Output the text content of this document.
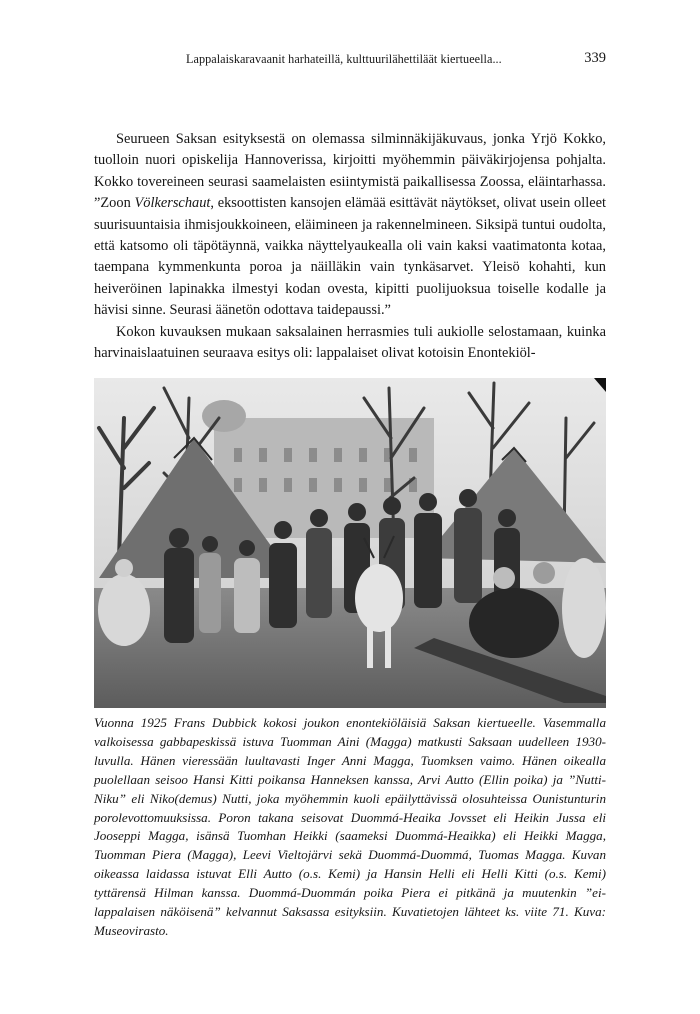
Lappalaiskaravaanit harhateillä, kulttuurilähettiläät kiertueella...	339

Seurueen Saksan esityksestä on olemassa silminnäkijäkuvaus, jonka Yrjö Kokko, tuolloin nuori opiskelija Hannoverissa, kirjoitti myöhemmin päiväkirjojensa pohjalta. Kokko tovereineen seurasi saamelaisten esiintymistä paikallisessa Zoossa, eläintarhassa. ”Zoon Völkerschaut, eksoottisten kansojen elämää esittävät näytökset, olivat usein olleet suurisuuntaisia ihmisjoukkoineen, eläimineen ja rakennelmineen. Siksipä tuntui oudolta, että katsomo oli täpötäynnä, vaikka näyttelyaukealla oli vain kaksi vaatimatonta kotaa, taempana kymmenkunta poroa ja näilläkin vain tynkäsarvet. Yleisö kohahti, kun heiveröinen lapinakka ilmestyi kodan ovesta, kipitti puolijuoksua toiselle kodalle ja hävisi sinne. Seurasi äänetön odottava taidepaussi.”

Kokon kuvauksen mukaan saksalainen herrasmies tuli aukiolle selostamaan, kuinka harvinaislaatuinen seuraava esitys oli: lappalaiset olivat kotoisin Enontekiöl-

Vuonna 1925 Frans Dubbick kokosi joukon enontekiöläisiä Saksan kiertueelle. Vasemmalla valkoisessa gabbapeskissä istuva Tuomman Aini (Magga) matkusti Saksaan uudelleen 1930-luvulla. Hänen vieressään luultavasti Inger Anni Magga, Tuomksen vaimo. Hänen oikealla puolellaan seisoo Hansi Kitti poikansa Hanneksen kanssa, Arvi Autto (Ellin poika) ja ”Nutti-Niku” eli Niko(demus) Nutti, joka myöhemmin kuoli epäilyttävissä olosuhteissa Ounistunturin porolevottomuuksissa. Poron takana seisovat Duommá-Heaika Jovsset eli Heikin Jussa eli Jooseppi Magga, isänsä Tuomhan Heikki (saameksi Duommá-Heaikka) eli Heikki Magga, Tuomman Piera (Magga), Leevi Vieltojärvi sekä Duommá-Duommá, Tuomas Magga. Kuvan oikeassa laidassa istuvat Elli Autto (o.s. Kemi) ja Hansin Helli eli Helli Kitti (o.s. Kemi) tyttärensä Hilman kanssa. Duommá-Duommán poika Piera ei pitkänä ja muutenkin ”ei-lappalaisen näköisenä” kelvannut Saksassa esityksiin. Kuvatietojen lähteet ks. viite 71. Kuva: Museovirasto.
